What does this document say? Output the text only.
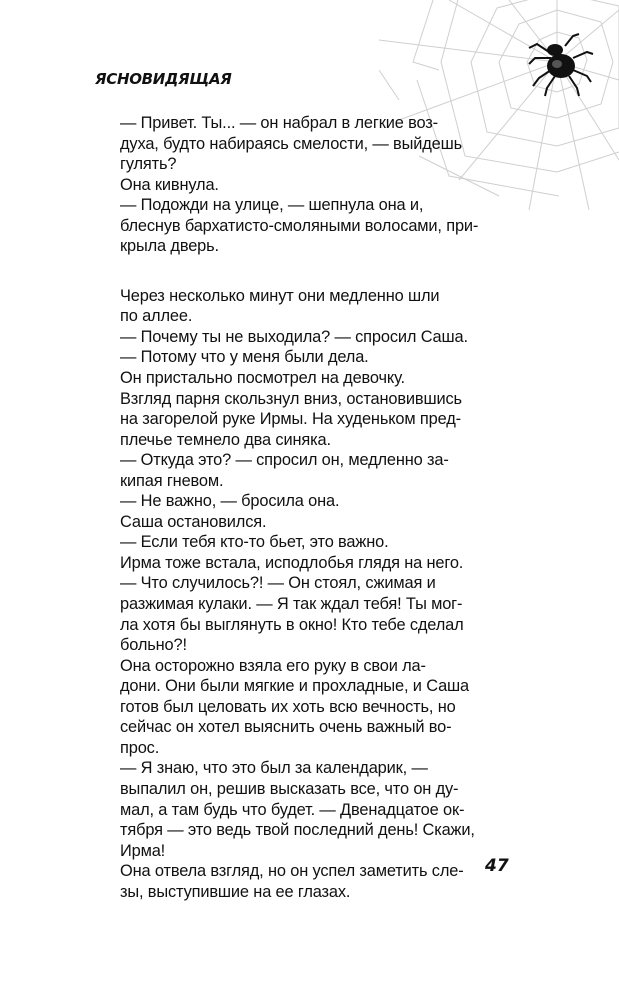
ЯСНОВИДЯЩАЯ
— Привет. Ты... — он набрал в легкие воз-
духа, будто набираясь смелости, — выйдешь
гулять?
Она кивнула.
— Подожди на улице, — шепнула она и,
блеснув бархатисто-смоляными волосами, при-
крыла дверь.
Через несколько минут они медленно шли
по аллее.
— Почему ты не выходила? — спросил Саша.
— Потому что у меня были дела.
Он пристально посмотрел на девочку.
Взгляд парня скользнул вниз, остановившись
на загорелой руке Ирмы. На худеньком пред-
плечье темнело два синяка.
— Откуда это? — спросил он, медленно за-
кипая гневом.
— Не важно, — бросила она.
Саша остановился.
— Если тебя кто-то бьет, это важно.
Ирма тоже встала, исподлобья глядя на него.
— Что случилось?! — Он стоял, сжимая и
разжимая кулаки. — Я так ждал тебя! Ты мог-
ла хотя бы выглянуть в окно! Кто тебе сделал
больно?!
Она осторожно взяла его руку в свои ла-
дони. Они были мягкие и прохладные, и Саша
готов был целовать их хоть всю вечность, но
сейчас он хотел выяснить очень важный во-
прос.
— Я знаю, что это был за календарик, —
выпалил он, решив высказать все, что он ду-
мал, а там будь что будет. — Двенадцатое ок-
тября — это ведь твой последний день! Скажи,
Ирма!
Она отвела взгляд, но он успел заметить сле-
зы, выступившие на ее глазах.
47
